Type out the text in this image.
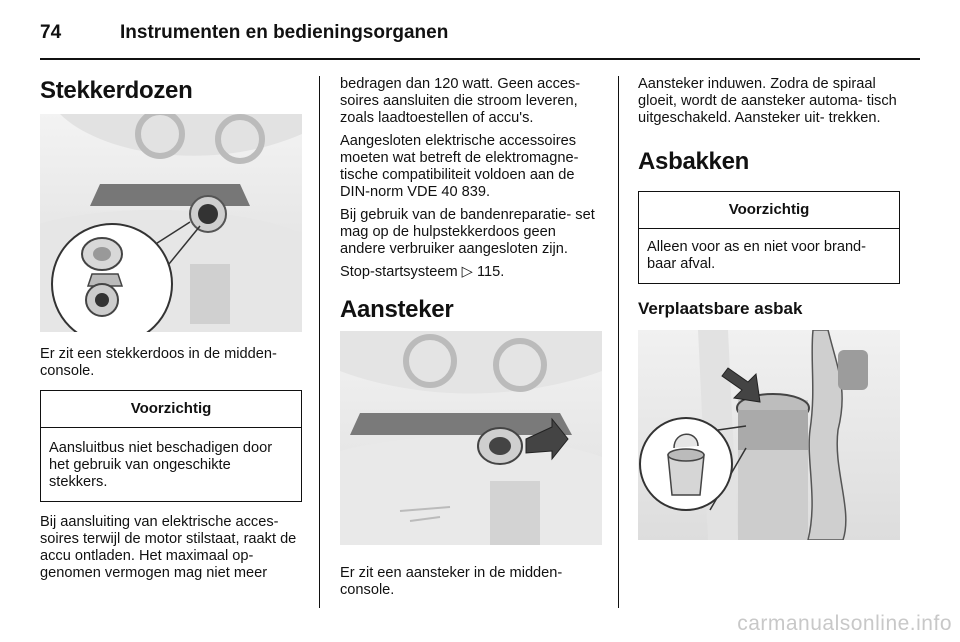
74	Instrumenten en bedieningsorganen
Stekkerdozen

Er zit een stekkerdoos in de midden- console.

Voorzichtig

Aansluitbus niet beschadigen door het gebruik van ongeschikte stekkers.

Bij aansluiting van elektrische acces- soires terwijl de motor stilstaat, raakt de accu ontladen. Het maximaal op- genomen vermogen mag niet meer

bedragen dan 120 watt. Geen acces- soires aansluiten die stroom leveren, zoals laadtoestellen of accu's.

Aangesloten elektrische accessoires moeten wat betreft de elektromagne- tische compatibiliteit voldoen aan de DIN-norm VDE 40 839.

Bij gebruik van de bandenreparatie- set mag op de hulpstekkerdoos geen andere verbruiker aangesloten zijn.

Stop-startsysteem ▷ 115.

Aansteker

Er zit een aansteker in de midden- console.

Aansteker induwen. Zodra de spiraal gloeit, wordt de aansteker automa- tisch uitgeschakeld. Aansteker uit- trekken.

Asbakken
Voorzichtig

Alleen voor as en niet voor brand- baar afval.

Verplaatsbare asbak
carmanualsonline.info
